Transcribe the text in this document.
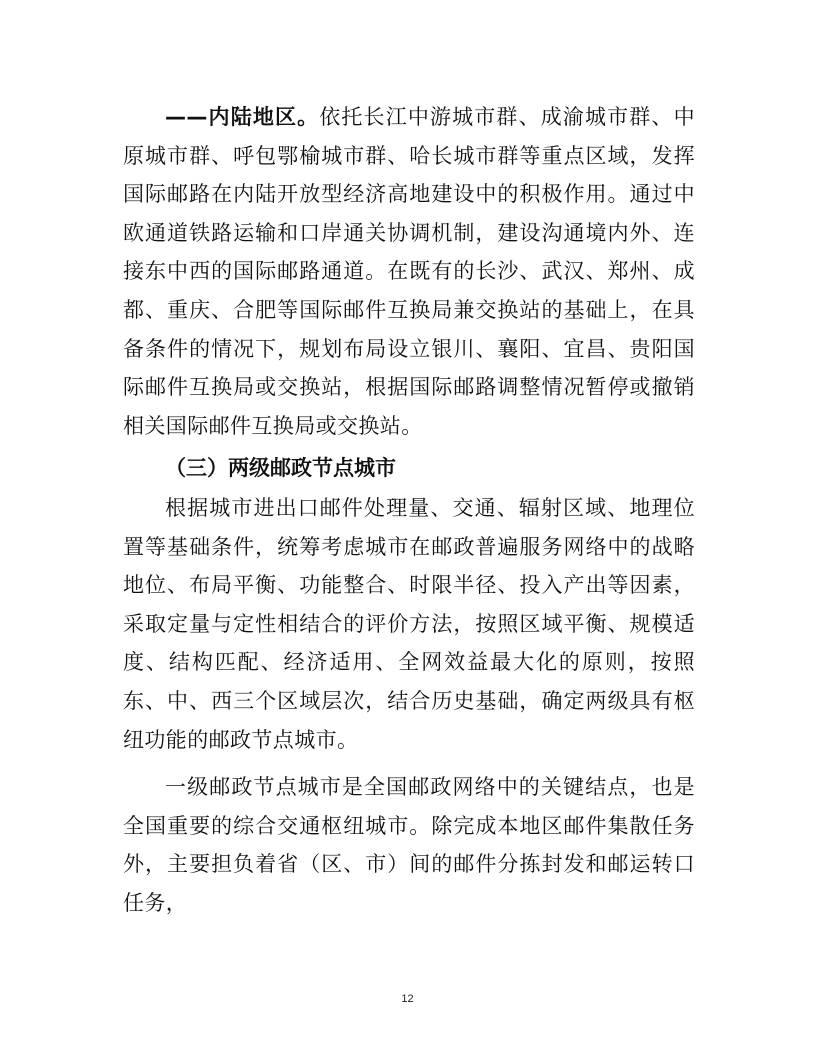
——内陆地区。依托长江中游城市群、成渝城市群、中原城市群、呼包鄂榆城市群、哈长城市群等重点区域，发挥国际邮路在内陆开放型经济高地建设中的积极作用。通过中欧通道铁路运输和口岸通关协调机制，建设沟通境内外、连接东中西的国际邮路通道。在既有的长沙、武汉、郑州、成都、重庆、合肥等国际邮件互换局兼交换站的基础上，在具备条件的情况下，规划布局设立银川、襄阳、宜昌、贵阳国际邮件互换局或交换站，根据国际邮路调整情况暂停或撤销相关国际邮件互换局或交换站。

（三）两级邮政节点城市

根据城市进出口邮件处理量、交通、辐射区域、地理位置等基础条件，统筹考虑城市在邮政普遍服务网络中的战略地位、布局平衡、功能整合、时限半径、投入产出等因素，采取定量与定性相结合的评价方法，按照区域平衡、规模适度、结构匹配、经济适用、全网效益最大化的原则，按照东、中、西三个区域层次，结合历史基础，确定两级具有枢纽功能的邮政节点城市。

一级邮政节点城市是全国邮政网络中的关键结点，也是全国重要的综合交通枢纽城市。除完成本地区邮件集散任务外，主要担负着省（区、市）间的邮件分拣封发和邮运转口任务，

12
